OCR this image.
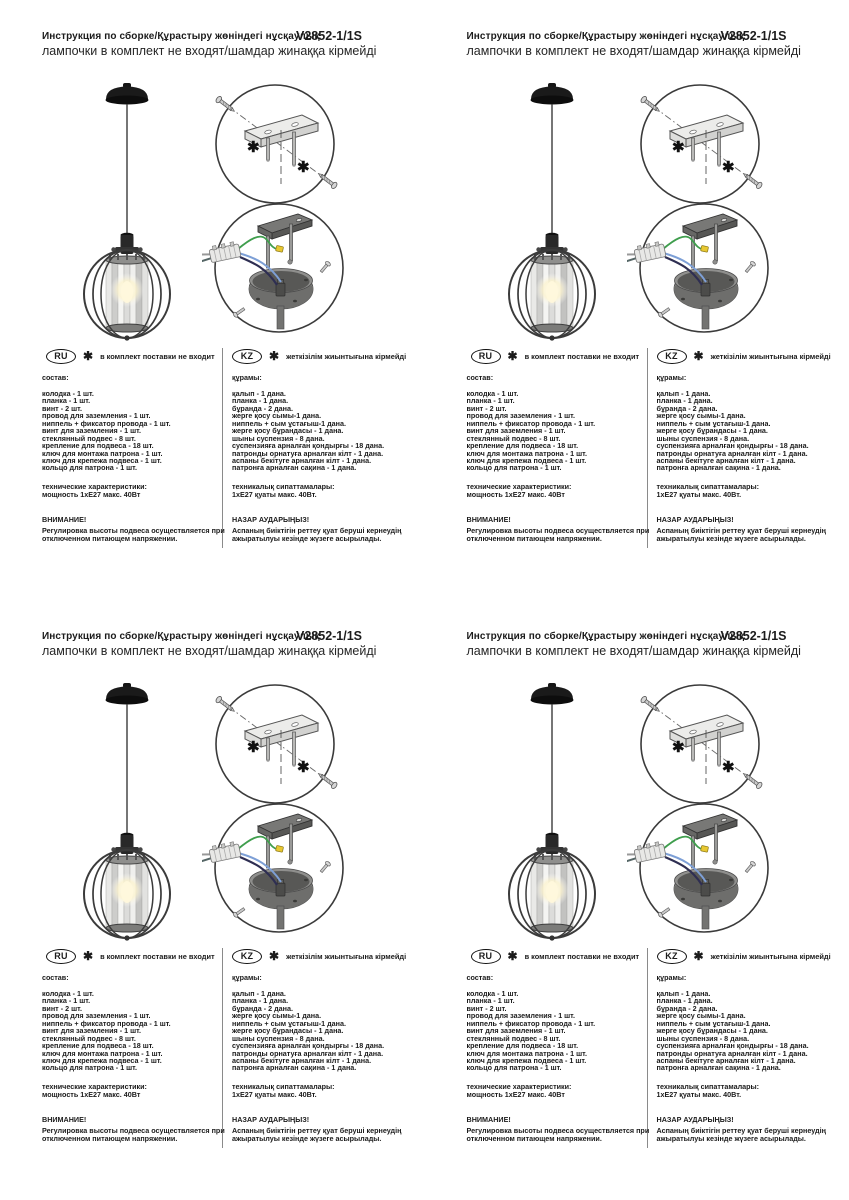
Инструкция по сборке/Құрастыру жөніндегі нұсқаулық
V2852-1/1S
лампочки в комплект не входят/шамдар жинаққа кірмейді
✱
✱
RU	✱ в комплект поставки не входит	KZ	✱ жеткізілім жиынтығына кірмейді
состав:
колодка - 1 шт.
планка - 1 шт.
винт - 2 шт.
провод для заземления - 1 шт.
ниппель + фиксатор провода - 1 шт.
винт для заземления - 1 шт.
стеклянный подвес - 8 шт.
крепление для подвеса - 18 шт.
ключ для монтажа патрона - 1 шт.
ключ для крепежа подвеса - 1 шт.
кольцо для патрона - 1 шт.
технические характеристики:
мощность 1хЕ27 макс. 40Вт
ВНИМАНИЕ!
Регулировка высоты подвеса осуществляется при отключенном питающем напряжении.
құрамы:
қалып - 1 дана.
планка - 1 дана.
бұранда - 2 дана.
жерге қосу сымы-1 дана.
ниппель + сым ұстағыш-1 дана.
жерге қосу бұрандасы - 1 дана.
шыны суспензия - 8 дана.
суспензияға арналған қондырғы - 18 дана.
патронды орнатуға арналған кілт - 1 дана.
аспаны бекітуге арналған кілт - 1 дана.
патронға арналған сақина - 1 дана.
техникалық сипаттамалары:
1хЕ27 қуаты макс. 40Вт.
НАЗАР АУДАРЫҢЫЗ!
Аспаның биіктігін реттеу қуат беруші кернеудің ажыратылуы кезінде жүзеге асырылады.
Инструкция по сборке/Құрастыру жөніндегі нұсқаулық
V2852-1/1S
лампочки в комплект не входят/шамдар жинаққа кірмейді
✱
✱
RU	✱ в комплект поставки не входит	KZ	✱ жеткізілім жиынтығына кірмейді
состав:
колодка - 1 шт.
планка - 1 шт.
винт - 2 шт.
провод для заземления - 1 шт.
ниппель + фиксатор провода - 1 шт.
винт для заземления - 1 шт.
стеклянный подвес - 8 шт.
крепление для подвеса - 18 шт.
ключ для монтажа патрона - 1 шт.
ключ для крепежа подвеса - 1 шт.
кольцо для патрона - 1 шт.
технические характеристики:
мощность 1хЕ27 макс. 40Вт
ВНИМАНИЕ!
Регулировка высоты подвеса осуществляется при отключенном питающем напряжении.
құрамы:
қалып - 1 дана.
планка - 1 дана.
бұранда - 2 дана.
жерге қосу сымы-1 дана.
ниппель + сым ұстағыш-1 дана.
жерге қосу бұрандасы - 1 дана.
шыны суспензия - 8 дана.
суспензияға арналған қондырғы - 18 дана.
патронды орнатуға арналған кілт - 1 дана.
аспаны бекітуге арналған кілт - 1 дана.
патронға арналған сақина - 1 дана.
техникалық сипаттамалары:
1хЕ27 қуаты макс. 40Вт.
НАЗАР АУДАРЫҢЫЗ!
Аспаның биіктігін реттеу қуат беруші кернеудің ажыратылуы кезінде жүзеге асырылады.
Инструкция по сборке/Құрастыру жөніндегі нұсқаулық
V2852-1/1S
лампочки в комплект не входят/шамдар жинаққа кірмейді
✱
✱
RU	✱ в комплект поставки не входит	KZ	✱ жеткізілім жиынтығына кірмейді
состав:
колодка - 1 шт.
планка - 1 шт.
винт - 2 шт.
провод для заземления - 1 шт.
ниппель + фиксатор провода - 1 шт.
винт для заземления - 1 шт.
стеклянный подвес - 8 шт.
крепление для подвеса - 18 шт.
ключ для монтажа патрона - 1 шт.
ключ для крепежа подвеса - 1 шт.
кольцо для патрона - 1 шт.
технические характеристики:
мощность 1хЕ27 макс. 40Вт
ВНИМАНИЕ!
Регулировка высоты подвеса осуществляется при отключенном питающем напряжении.
құрамы:
қалып - 1 дана.
планка - 1 дана.
бұранда - 2 дана.
жерге қосу сымы-1 дана.
ниппель + сым ұстағыш-1 дана.
жерге қосу бұрандасы - 1 дана.
шыны суспензия - 8 дана.
суспензияға арналған қондырғы - 18 дана.
патронды орнатуға арналған кілт - 1 дана.
аспаны бекітуге арналған кілт - 1 дана.
патронға арналған сақина - 1 дана.
техникалық сипаттамалары:
1хЕ27 қуаты макс. 40Вт.
НАЗАР АУДАРЫҢЫЗ!
Аспаның биіктігін реттеу қуат беруші кернеудің ажыратылуы кезінде жүзеге асырылады.
Инструкция по сборке/Құрастыру жөніндегі нұсқаулық
V2852-1/1S
лампочки в комплект не входят/шамдар жинаққа кірмейді
✱
✱
RU	✱ в комплект поставки не входит	KZ	✱ жеткізілім жиынтығына кірмейді
состав:
колодка - 1 шт.
планка - 1 шт.
винт - 2 шт.
провод для заземления - 1 шт.
ниппель + фиксатор провода - 1 шт.
винт для заземления - 1 шт.
стеклянный подвес - 8 шт.
крепление для подвеса - 18 шт.
ключ для монтажа патрона - 1 шт.
ключ для крепежа подвеса - 1 шт.
кольцо для патрона - 1 шт.
технические характеристики:
мощность 1хЕ27 макс. 40Вт
ВНИМАНИЕ!
Регулировка высоты подвеса осуществляется при отключенном питающем напряжении.
құрамы:
қалып - 1 дана.
планка - 1 дана.
бұранда - 2 дана.
жерге қосу сымы-1 дана.
ниппель + сым ұстағыш-1 дана.
жерге қосу бұрандасы - 1 дана.
шыны суспензия - 8 дана.
суспензияға арналған қондырғы - 18 дана.
патронды орнатуға арналған кілт - 1 дана.
аспаны бекітуге арналған кілт - 1 дана.
патронға арналған сақина - 1 дана.
техникалық сипаттамалары:
1хЕ27 қуаты макс. 40Вт.
НАЗАР АУДАРЫҢЫЗ!
Аспаның биіктігін реттеу қуат беруші кернеудің ажыратылуы кезінде жүзеге асырылады.
